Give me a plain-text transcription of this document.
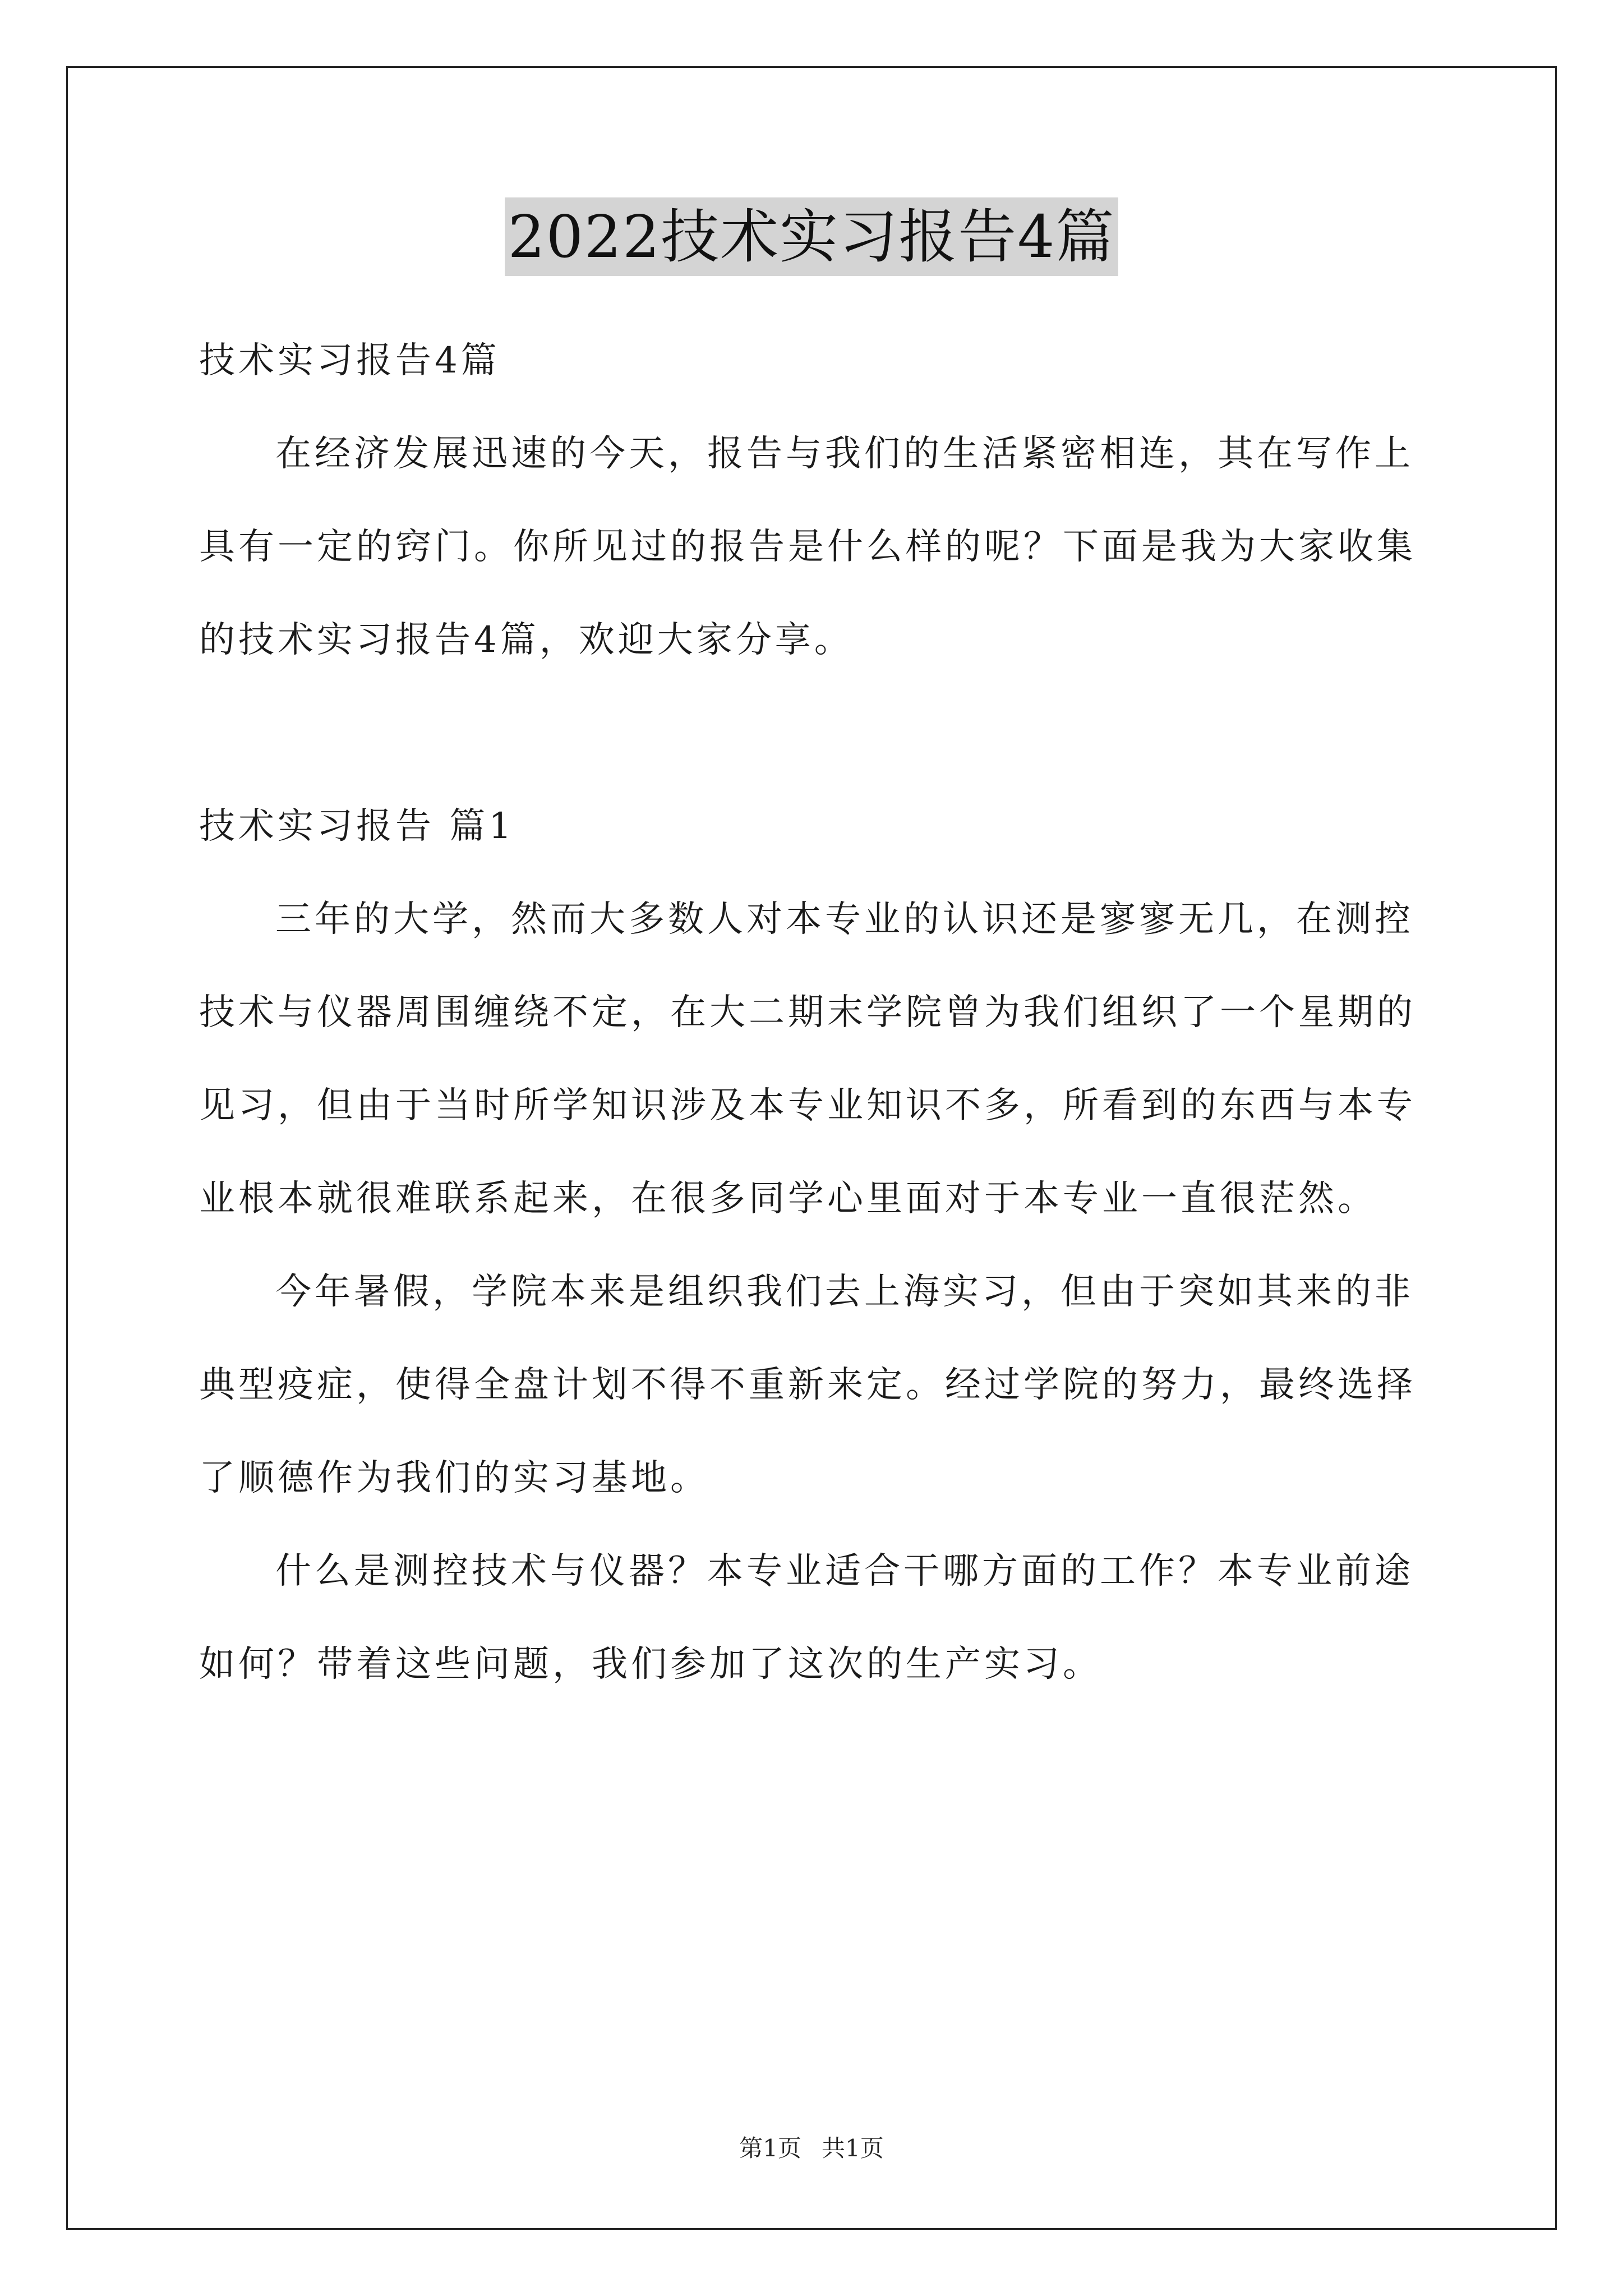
2022技术实习报告4篇

技术实习报告4篇

在经济发展迅速的今天，报告与我们的生活紧密相连，其在写作上具有一定的窍门。你所见过的报告是什么样的呢？下面是我为大家收集的技术实习报告4篇，欢迎大家分享。

技术实习报告 篇1

三年的大学，然而大多数人对本专业的认识还是寥寥无几，在测控技术与仪器周围缠绕不定，在大二期末学院曾为我们组织了一个星期的见习，但由于当时所学知识涉及本专业知识不多，所看到的东西与本专业根本就很难联系起来，在很多同学心里面对于本专业一直很茫然。

今年暑假，学院本来是组织我们去上海实习，但由于突如其来的非典型疫症，使得全盘计划不得不重新来定。经过学院的努力，最终选择了顺德作为我们的实习基地。

什么是测控技术与仪器？本专业适合干哪方面的工作？本专业前途如何？带着这些问题，我们参加了这次的生产实习。

第1页 共1页
